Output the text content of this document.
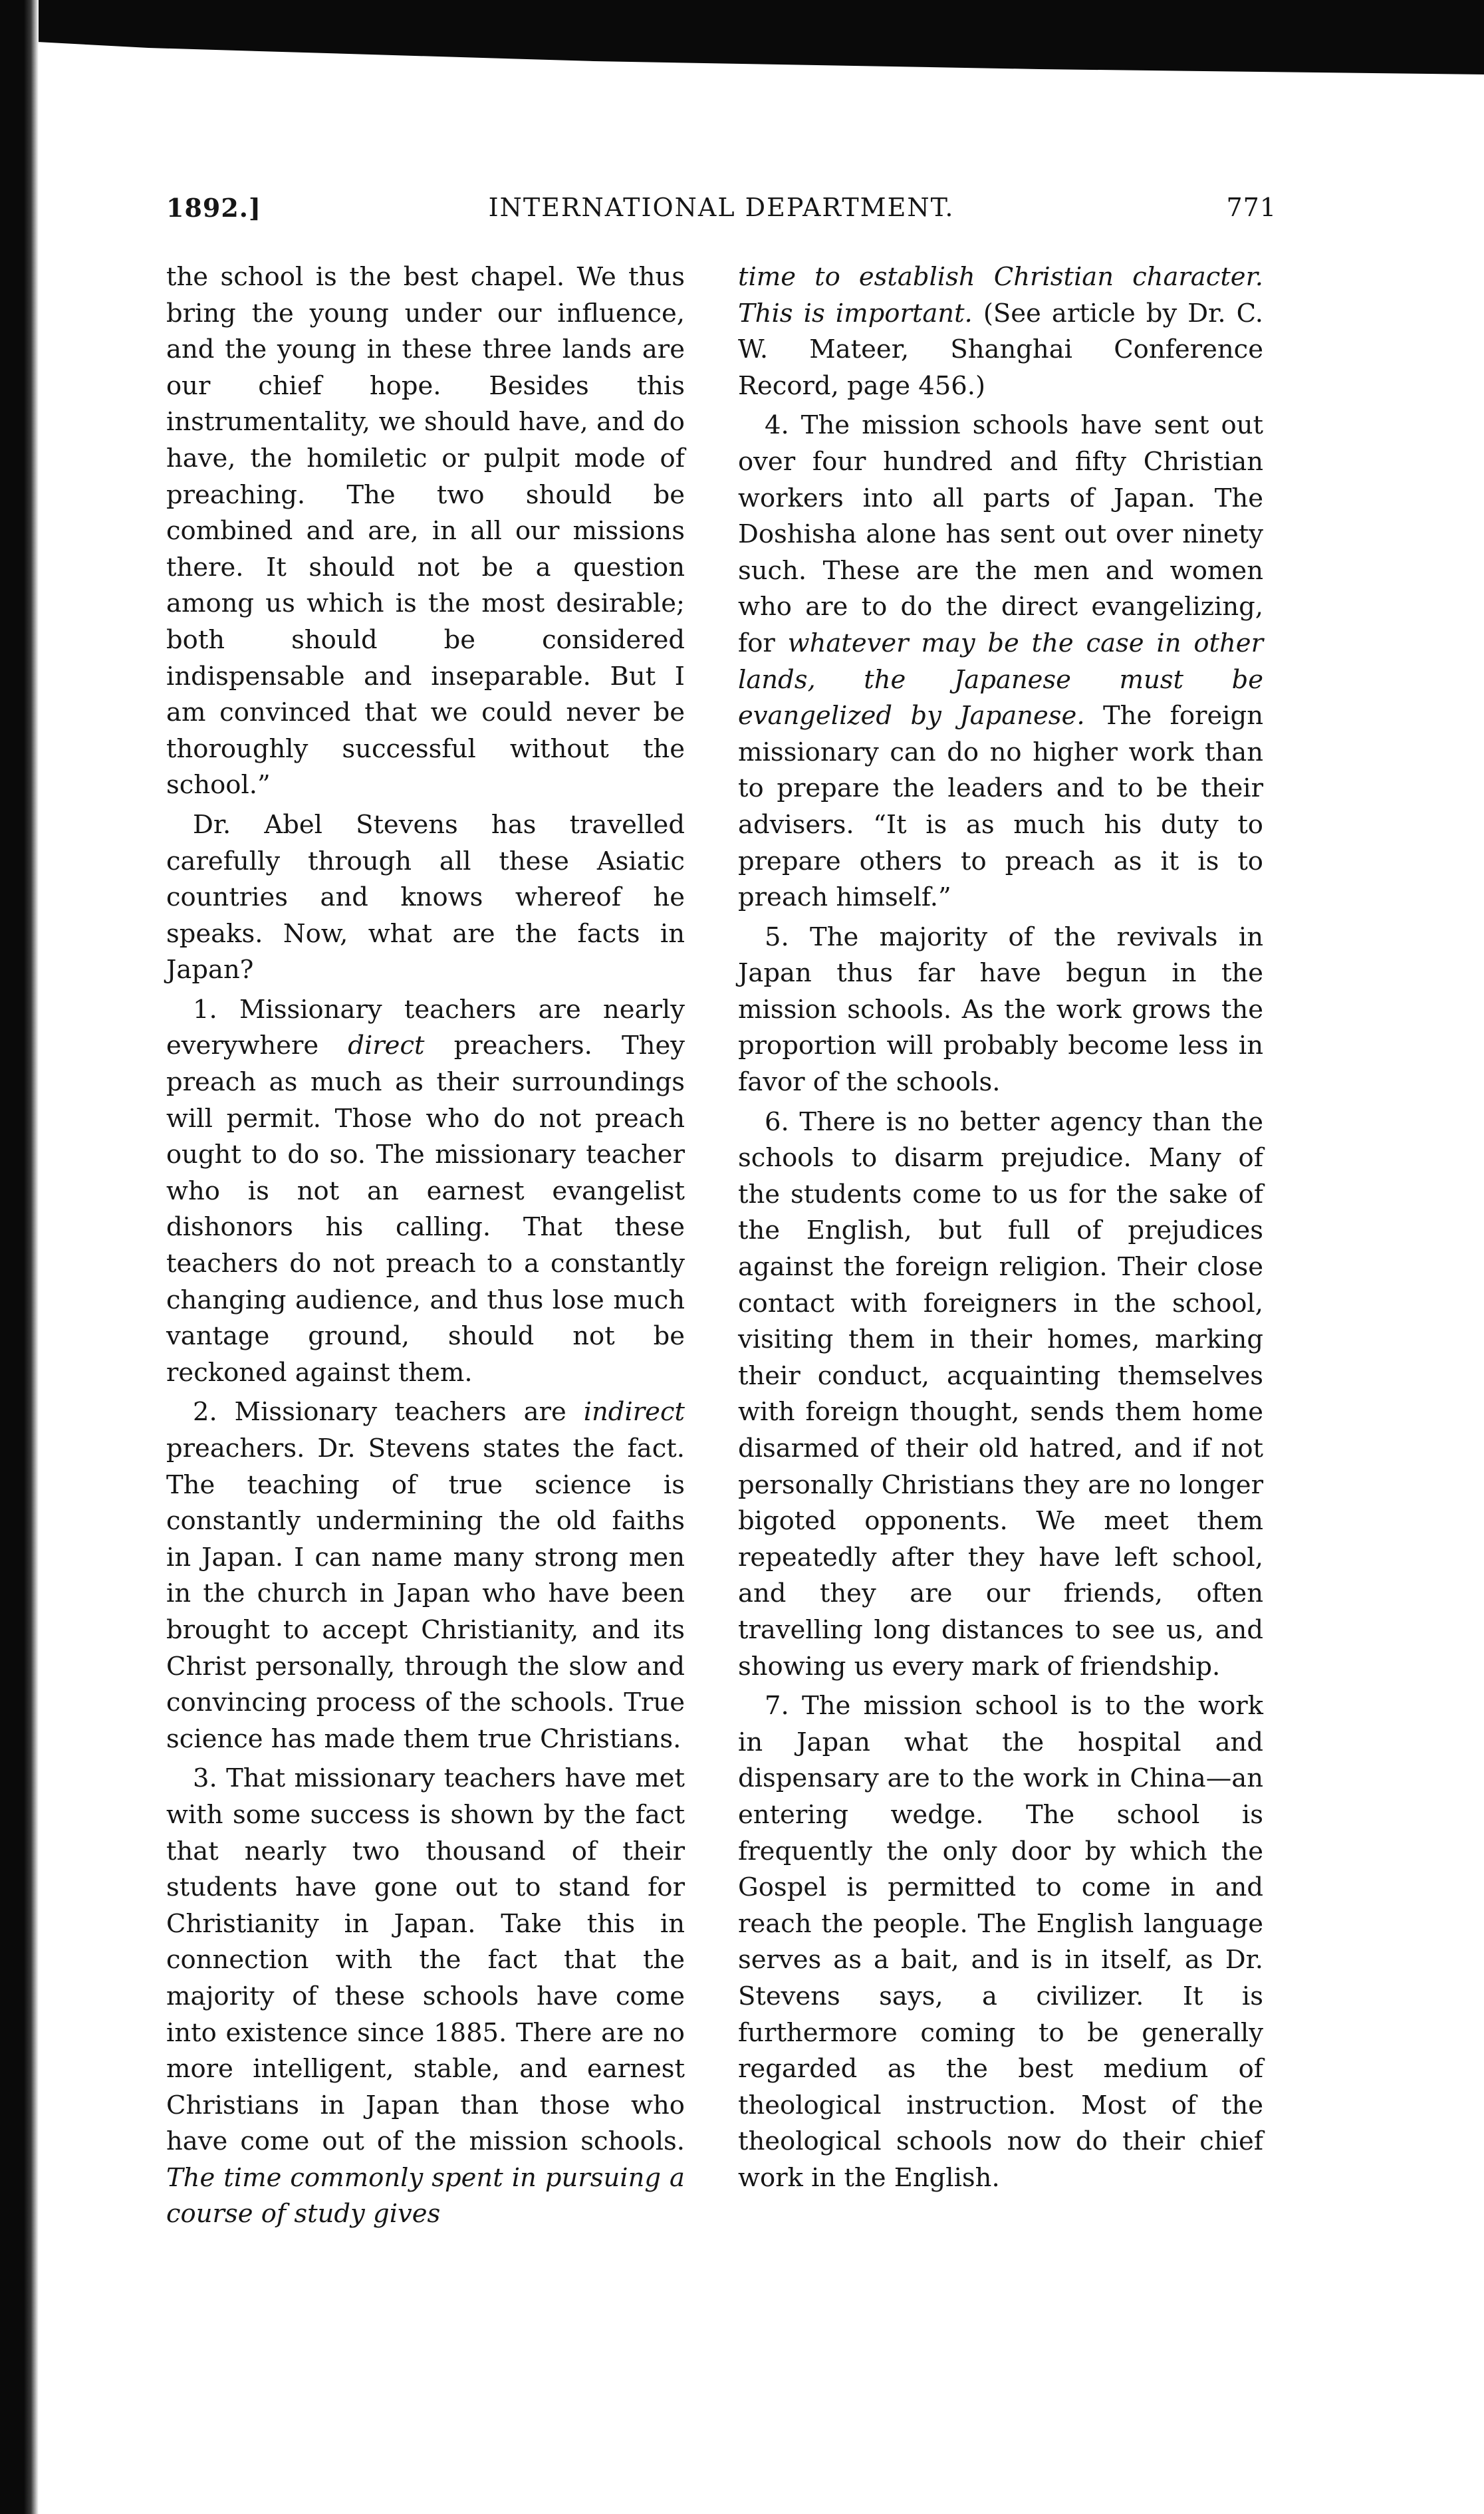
1892.]	INTERNATIONAL DEPARTMENT.	771

the school is the best chapel. We thus bring the young under our influence, and the young in these three lands are our chief hope. Besides this instrumentality, we should have, and do have, the homiletic or pulpit mode of preaching. The two should be combined and are, in all our missions there. It should not be a question among us which is the most desirable; both should be considered indispensable and inseparable. But I am convinced that we could never be thoroughly successful without the school.”

Dr. Abel Stevens has travelled carefully through all these Asiatic countries and knows whereof he speaks. Now, what are the facts in Japan?

1. Missionary teachers are nearly everywhere direct preachers. They preach as much as their surroundings will permit. Those who do not preach ought to do so. The missionary teacher who is not an earnest evangelist dishonors his calling. That these teachers do not preach to a constantly changing audience, and thus lose much vantage ground, should not be reckoned against them.

2. Missionary teachers are indirect preachers. Dr. Stevens states the fact. The teaching of true science is constantly undermining the old faiths in Japan. I can name many strong men in the church in Japan who have been brought to accept Christianity, and its Christ personally, through the slow and convincing process of the schools. True science has made them true Christians.

3. That missionary teachers have met with some success is shown by the fact that nearly two thousand of their students have gone out to stand for Christianity in Japan. Take this in connection with the fact that the majority of these schools have come into existence since 1885. There are no more intelligent, stable, and earnest Christians in Japan than those who have come out of the mission schools. The time commonly spent in pursuing a course of study gives

time to establish Christian character. This is important. (See article by Dr. C. W. Mateer, Shanghai Conference Record, page 456.)

4. The mission schools have sent out over four hundred and fifty Christian workers into all parts of Japan. The Doshisha alone has sent out over ninety such. These are the men and women who are to do the direct evangelizing, for whatever may be the case in other lands, the Japanese must be evangelized by Japanese. The foreign missionary can do no higher work than to prepare the leaders and to be their advisers. “It is as much his duty to prepare others to preach as it is to preach himself.”

5. The majority of the revivals in Japan thus far have begun in the mission schools. As the work grows the proportion will probably become less in favor of the schools.

6. There is no better agency than the schools to disarm prejudice. Many of the students come to us for the sake of the English, but full of prejudices against the foreign religion. Their close contact with foreigners in the school, visiting them in their homes, marking their conduct, acquainting themselves with foreign thought, sends them home disarmed of their old hatred, and if not personally Christians they are no longer bigoted opponents. We meet them repeatedly after they have left school, and they are our friends, often travelling long distances to see us, and showing us every mark of friendship.

7. The mission school is to the work in Japan what the hospital and dispensary are to the work in China—an entering wedge. The school is frequently the only door by which the Gospel is permitted to come in and reach the people. The English language serves as a bait, and is in itself, as Dr. Stevens says, a civilizer. It is furthermore coming to be generally regarded as the best medium of theological instruction. Most of the theological schools now do their chief work in the English.
